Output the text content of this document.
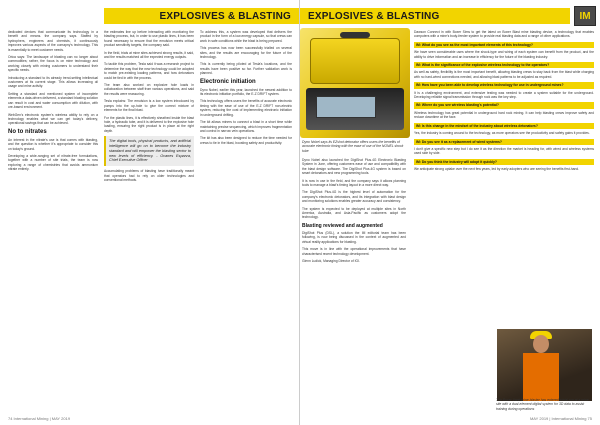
EXPLOSIVES & BLASTING

dedicated devices that communicate its technology in a benefit and means. the company says. Staffed by hydrophers, engineers and chemists, it continuously improves various aspects of the comapny's technology. This is essentially to meet customer needs.

Orica says: The landscape of blasting can no longer about commodities; rather, the focus is on mine technology and working closely with mining customers to understand their specific needs.

Introducing a standard to its already trend-setting intellectual customers at its current stage. This allows increasing oil usage and mine activity.

Setting a standard and mentioned system of incomplete elements a data-driven delivered, a standard blasting solution can result in cost and water consumption with dilution, with ore-based environment.

WebGen's electronic system's wireless ability to rely on a technology enables what we can get today's delivery, operational savings that can be achieved.

No to nitrates

An interest in the nitrate's use is that comes with blasting, and the question is whether it's appropriate to consider this on today's ground.

Developing a wide-ranging set of nitrate-free formulations, together with a number of site trials, the team is now exploring a range of chemistries that avoids ammonium nitrate entirely.

the estimates line up before interacting with monitoring the blasting process, but, in order to use plastic lines, it has been found necessary to ensure that the emulsion meets critical product sensitivity targets, the company said.

In the field, trials at mine sites achieved strong results, it said, and the results matched all the expected energy outputs.

To tackle this problem, Tesla said it was a research project to determine the way that the new technology could be adopted to match pre-existing loading patterns, and how detonators could be tied in with the process.

The team also worked on explosive hole loads in collaboration between staff from various operations, and said the results were reassuring.

Tesla explains: The emulsion is a low system introduced by pumps into the up-hole to give the correct mixture of elements for the final blast.

For the plastic lines, it is effectively sheathed inside the blast hole, a hydraulic tube, and it is delivered to the explosive hole loading, ensuring the right product is in place at the right depth.

The digital tools, physical products, and artificial intelligence will go on to become the industry standard and will empower the blasting sector to new levels of efficiency. - Ovanes Esparza, Chief Executive Officer

Accumulating problems of blasting have traditionally meant that operators had to rely on older technologies and conventional methods.

To address this, a system was developed that delivers the product in the form of a low-energy capsule, so that crews can work in safe conditions while the blast is being prepared.

This process has now been successfully trialled on several sites, and the results are encouraging for the future of the technology.

This is currently being piloted at Tesla's locations, and the results have been positive so far. Further validation work is planned.

Electronic initiation

Dyno Nobel, earlier this year, launched the newest addition to its electronic initiation portfolio, the E-Z DRIFT system.

This technology offers users the benefits of accurate electronic timing with the ease of use of the E-Z DRIFT non-electric system, reducing the cost of implementing electronic initiation in underground drifting.

The kit allows miners to connect a blast in a short time while maintaining precise sequencing, which improves fragmentation and control in narrow vein operations.

The kit has also been designed to reduce the time needed for crews to tie in the blast, boosting safety and productivity.

74 International Mining | MAY 2019
EXPLOSIVES & BLASTING	IM
Dyno Nobel says its EZshot detonator offers users the benefits of accurate electronic timing with the ease of use of the NONEL shock tube

Dyno Nobel also launched the DigiShot Plus.4G Electronic Blasting System in June, offering customers ease of use and compatibility with the blast design software. The DigiShot Plus.4G system is based on smart detonators and new programming tools.

It is now in use in the field, and the company says it allows planning tools to manage a blast's timing layout in a more direct way.

The DigiShot Plus.4G is the highest level of automation for the company's electronic detonators, and its integration with blast design and monitoring solutions enables greater accuracy and consistency.

The system is expected to be deployed at multiple sites in North America, Australia, and Asia-Pacific as customers adopt the technology.

Blasting reviewed and augmented

DigiShot Plus (DSL), a solution the IM editorial team has been following, is now being discussed in the context of augmented and virtual reality applications for blasting.

This move is in line with the operational improvements that have characterised recent technology development.

Glenn Ludick, Managing Director of IGI.

Dawson Connect in with Boxer Sims to get the latest on Boxer Blast mine blasting device, a technology that enables computers with a mine's body-feeder system to provide real blasting data and a range of other applications.

IM: What do you see as the most important elements of this technology?

We have seen considerable uses where the shock-type and wiring of each system can benefit from the product, and the ability to drive information and an increase in efficiency for the future of the blasting industry.

IM: What is the significance of the explosive wireless technology to the operators?

As well as safety, flexibility is the most important benefit, allowing blasting crews to stay back from the blast while charging with no hard-wired connections needed, and allowing blast patterns to be adjusted as required.

IM: How have you been able to develop wireless technology for use in underground mines?

It is a challenging environment, and extensive testing was needed to create a system suitable for the underground. Developing reliable signal transmission through rock was the key step.

IM: Where do you see wireless blasting's potential?

Wireless technology has great potential in underground hard rock mining. It can help blasting crews improve safety and reduce downtime at the face.

IM: Is this change in the mindset of the industry about wireless detonators?

Yes, the industry is coming around to the technology, as more operators see the productivity and safety gains it provides.

IM: Do you see it as a replacement of wired systems?

I don't give a specific new step but I do see it as the direction the market is heading for, with wired and wireless systems used side by side.

IM: Do you think the industry will adopt it quickly?

We anticipate strong uptake over the next few years, led by early adopters who are seeing the benefits first-hand.

The Boxer Vanir mine blaster has entered a trial run at a mine site with a dual-element digital system for 3D data to assist training during operations
MAY 2019 | International Mining 75
